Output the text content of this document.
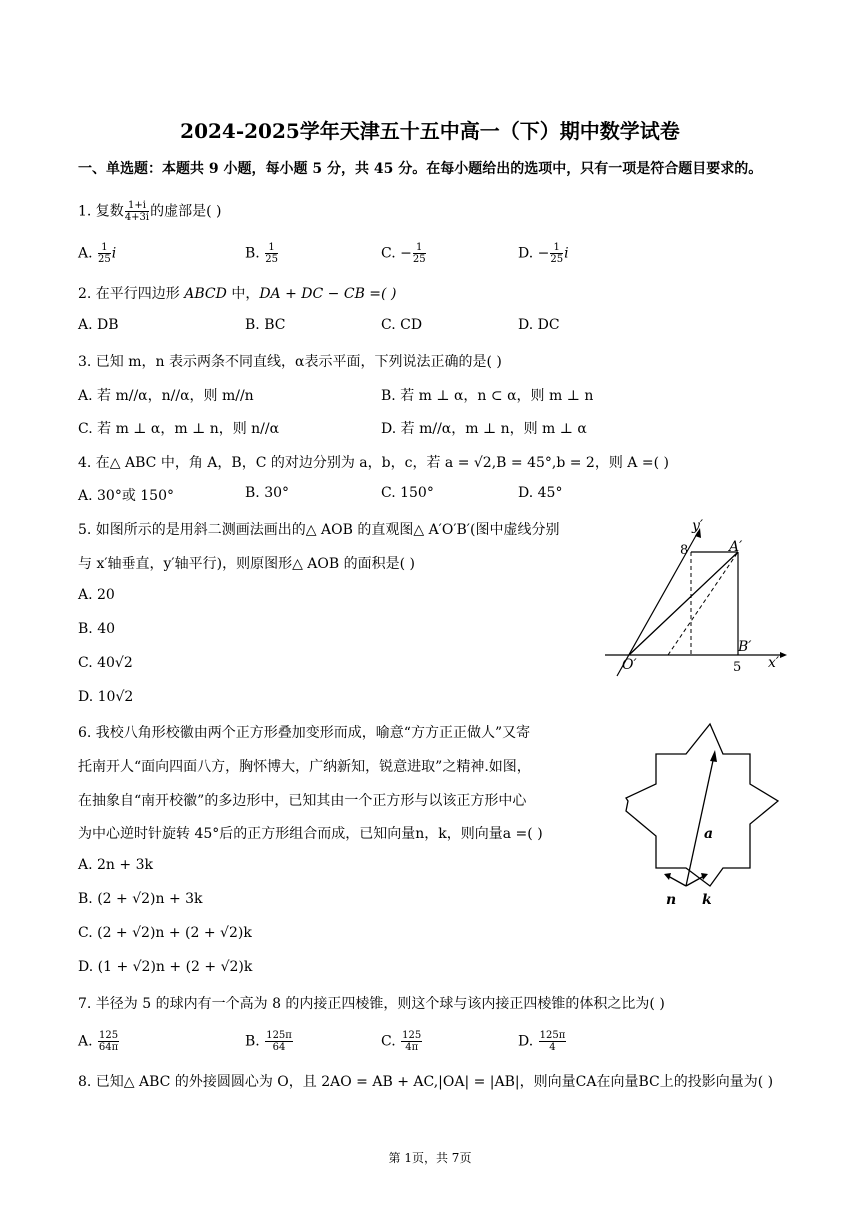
2024-2025学年天津五十五中高一（下）期中数学试卷
一、单选题：本题共 9 小题，每小题 5 分，共 45 分。在每小题给出的选项中，只有一项是符合题目要求的。
1. 复数 $\frac{1+i}{4+3i}$ 的虚部是( )
A. $\frac{1}{25}$ i	B. $\frac{1}{25}$	C. − $\frac{1}{25}$	D. − $\frac{1}{25}$ i
2. 在平行四边形 ABCD 中，DA + DC − CB =( )
A. DB	B. BC	C. CD	D. DC
3. 已知 m，n 表示两条不同直线，α表示平面，下列说法正确的是( )
A. 若 m//α，n//α，则 m//n	B. 若 m ⊥ α，n ⊂ α，则 m ⊥ n
C. 若 m ⊥ α，m ⊥ n，则 n//α	D. 若 m//α，m ⊥ n，则 m ⊥ α
4. 在△ ABC 中，角 A，B，C 的对边分别为 a，b，c，若 a = √2,B = 45°,b = 2，则 A =( )
A. 30°或 150°	B. 30°	C. 150°	D. 45°
5. 如图所示的是用斜二测画法画出的△ AOB 的直观图△ A′O′B′(图中虚线分别
与 x′轴垂直，y′轴平行)，则原图形△ AOB 的面积是( )
A. 20
B. 40
C. 40√2
D. 10√2
y′
x′
A′
B′
O′
8
5
6. 我校八角形校徽由两个正方形叠加变形而成，喻意“方方正正做人”又寄
托南开人“面向四面八方，胸怀博大，广纳新知，锐意进取”之精神.如图，
在抽象自“南开校徽”的多边形中，已知其由一个正方形与以该正方形中心
为中心逆时针旋转 45°后的正方形组合而成，已知向量n，k，则向量a =( )
A. 2n + 3k
B. (2 + √2)n + 3k
C. (2 + √2)n + (2 + √2)k
D. (1 + √2)n + (2 + √2)k
a
n k
7. 半径为 5 的球内有一个高为 8 的内接正四棱锥，则这个球与该内接正四棱锥的体积之比为( )
A. $\frac{125}{64\pi}$	B. $\frac{125\pi}{64}$	C. $\frac{125}{4\pi}$	D. $\frac{125\pi}{4}$
8. 已知△ ABC 的外接圆圆心为 O，且 2AO = AB + AC,|OA| = |AB|，则向量CA在向量BC上的投影向量为( )
第 1页，共 7页
